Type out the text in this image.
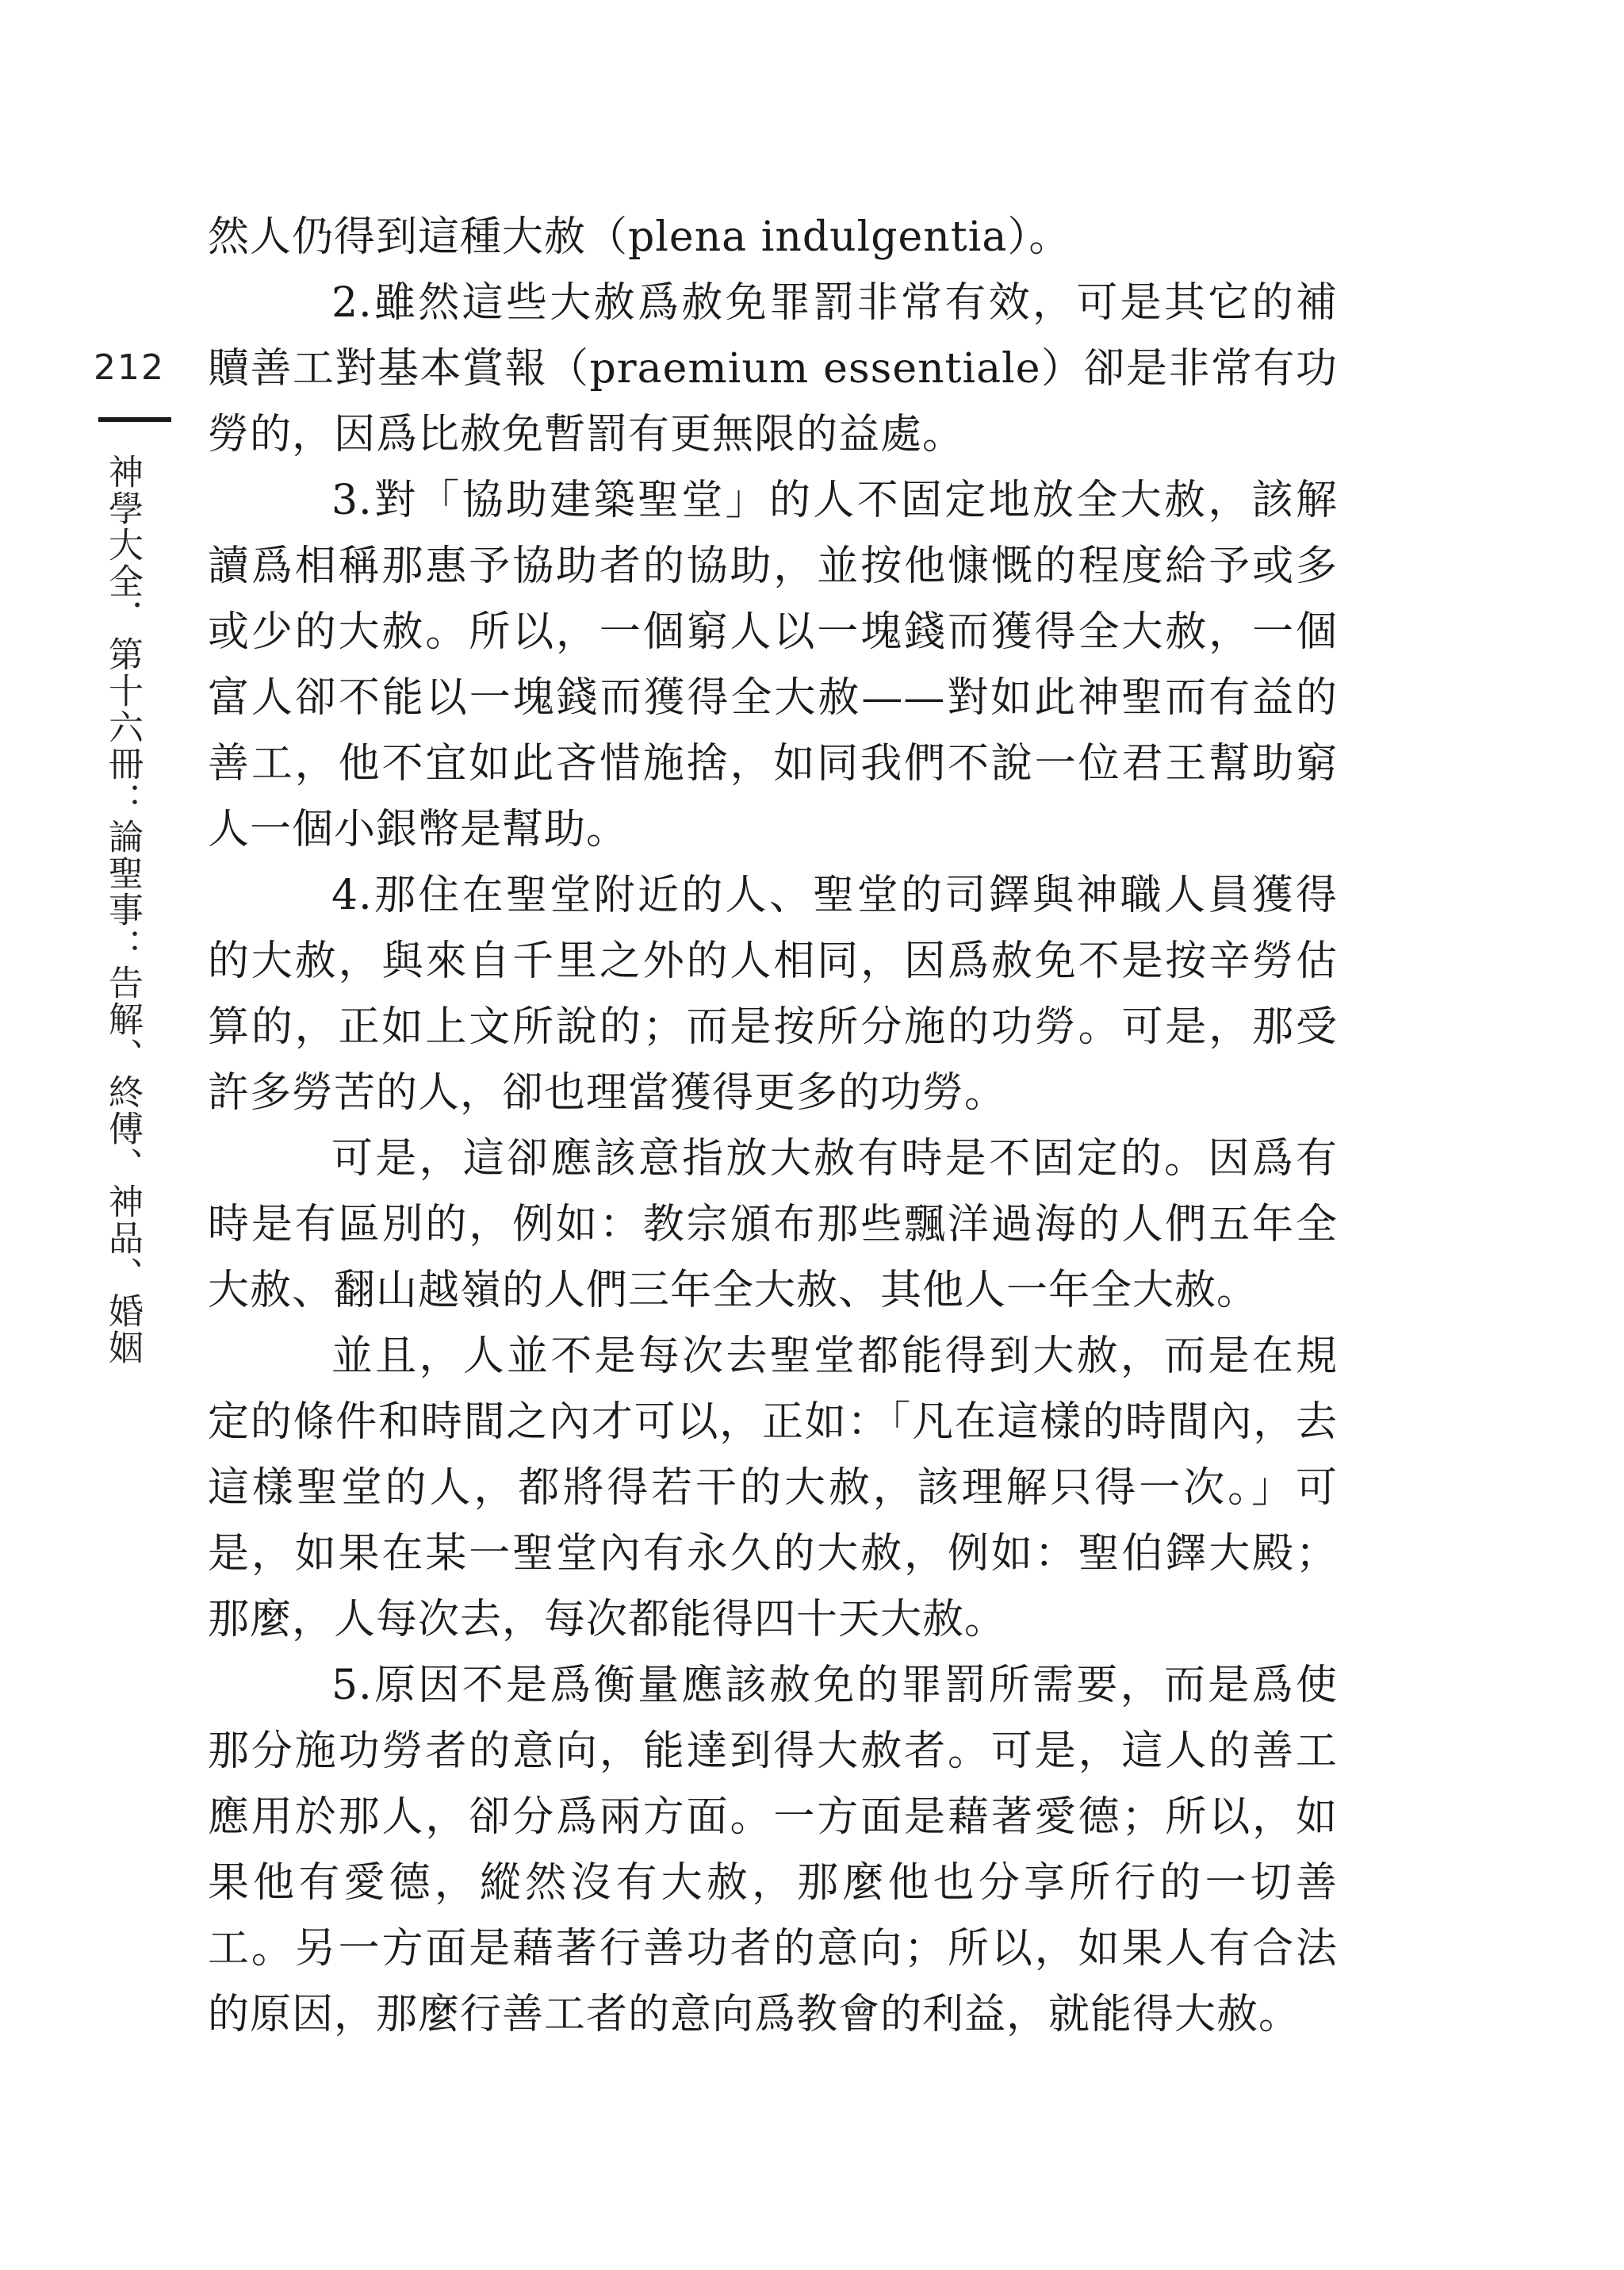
212
神學大全．第十六冊：論聖事：告解、終傅、神品、婚姻

然人仍得到這種大赦（plena indulgentia）。

2.雖然這些大赦爲赦免罪罰非常有效，可是其它的補贖善工對基本賞報（praemium essentiale）卻是非常有功勞的，因爲比赦免暫罰有更無限的益處。

3.對「協助建築聖堂」的人不固定地放全大赦，該解讀爲相稱那惠予協助者的協助，並按他慷慨的程度給予或多或少的大赦。所以，一個窮人以一塊錢而獲得全大赦，一個富人卻不能以一塊錢而獲得全大赦——對如此神聖而有益的善工，他不宜如此吝惜施捨，如同我們不說一位君王幫助窮人一個小銀幣是幫助。

4.那住在聖堂附近的人、聖堂的司鐸與神職人員獲得的大赦，與來自千里之外的人相同，因爲赦免不是按辛勞估算的，正如上文所說的；而是按所分施的功勞。可是，那受許多勞苦的人，卻也理當獲得更多的功勞。

可是，這卻應該意指放大赦有時是不固定的。因爲有時是有區別的，例如：教宗頒布那些飄洋過海的人們五年全大赦、翻山越嶺的人們三年全大赦、其他人一年全大赦。

並且，人並不是每次去聖堂都能得到大赦，而是在規定的條件和時間之內才可以，正如：「凡在這樣的時間內，去這樣聖堂的人，都將得若干的大赦，該理解只得一次。」可是，如果在某一聖堂內有永久的大赦，例如：聖伯鐸大殿；那麼，人每次去，每次都能得四十天大赦。

5.原因不是爲衡量應該赦免的罪罰所需要，而是爲使那分施功勞者的意向，能達到得大赦者。可是，這人的善工應用於那人，卻分爲兩方面。一方面是藉著愛德；所以，如果他有愛德，縱然沒有大赦，那麼他也分享所行的一切善工。另一方面是藉著行善功者的意向；所以，如果人有合法的原因，那麼行善工者的意向爲教會的利益，就能得大赦。
